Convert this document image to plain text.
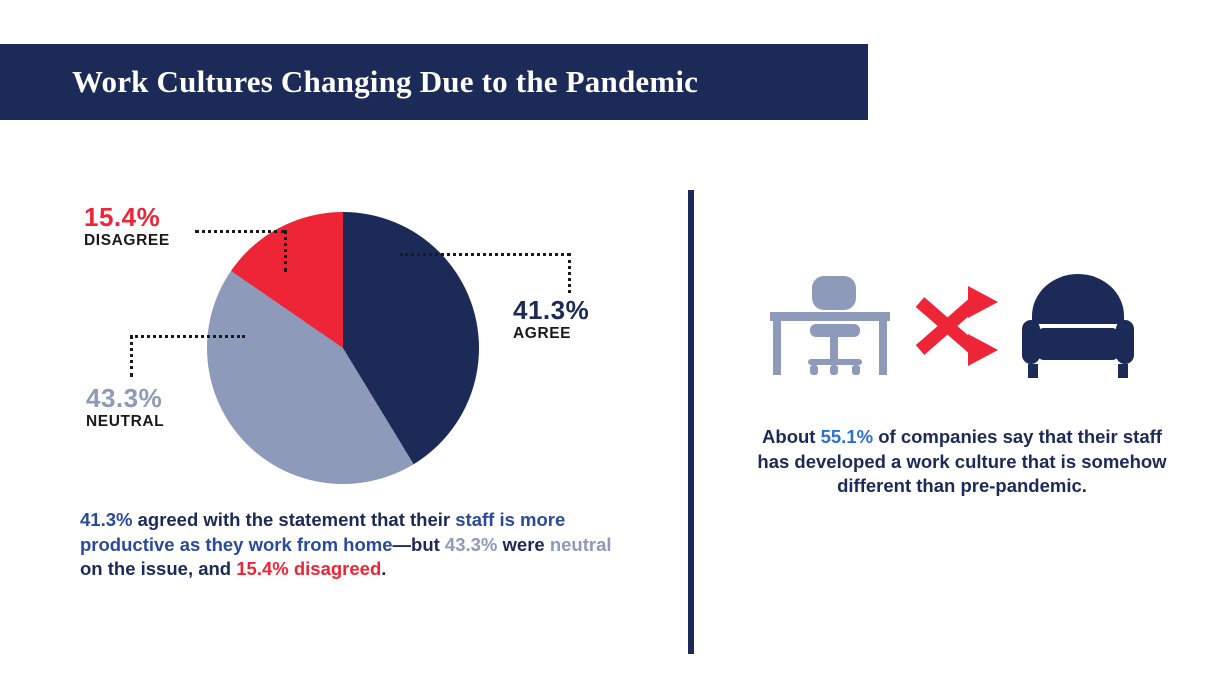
Work Cultures Changing Due to the Pandemic
15.4%
DISAGREE
41.3%
AGREE
43.3%
NEUTRAL
41.3% agreed with the statement that their staff is more productive as they work from home—but 43.3% were neutral on the issue, and 15.4% disagreed.
About 55.1% of companies say that their staff has developed a work culture that is somehow different than pre-pandemic.
